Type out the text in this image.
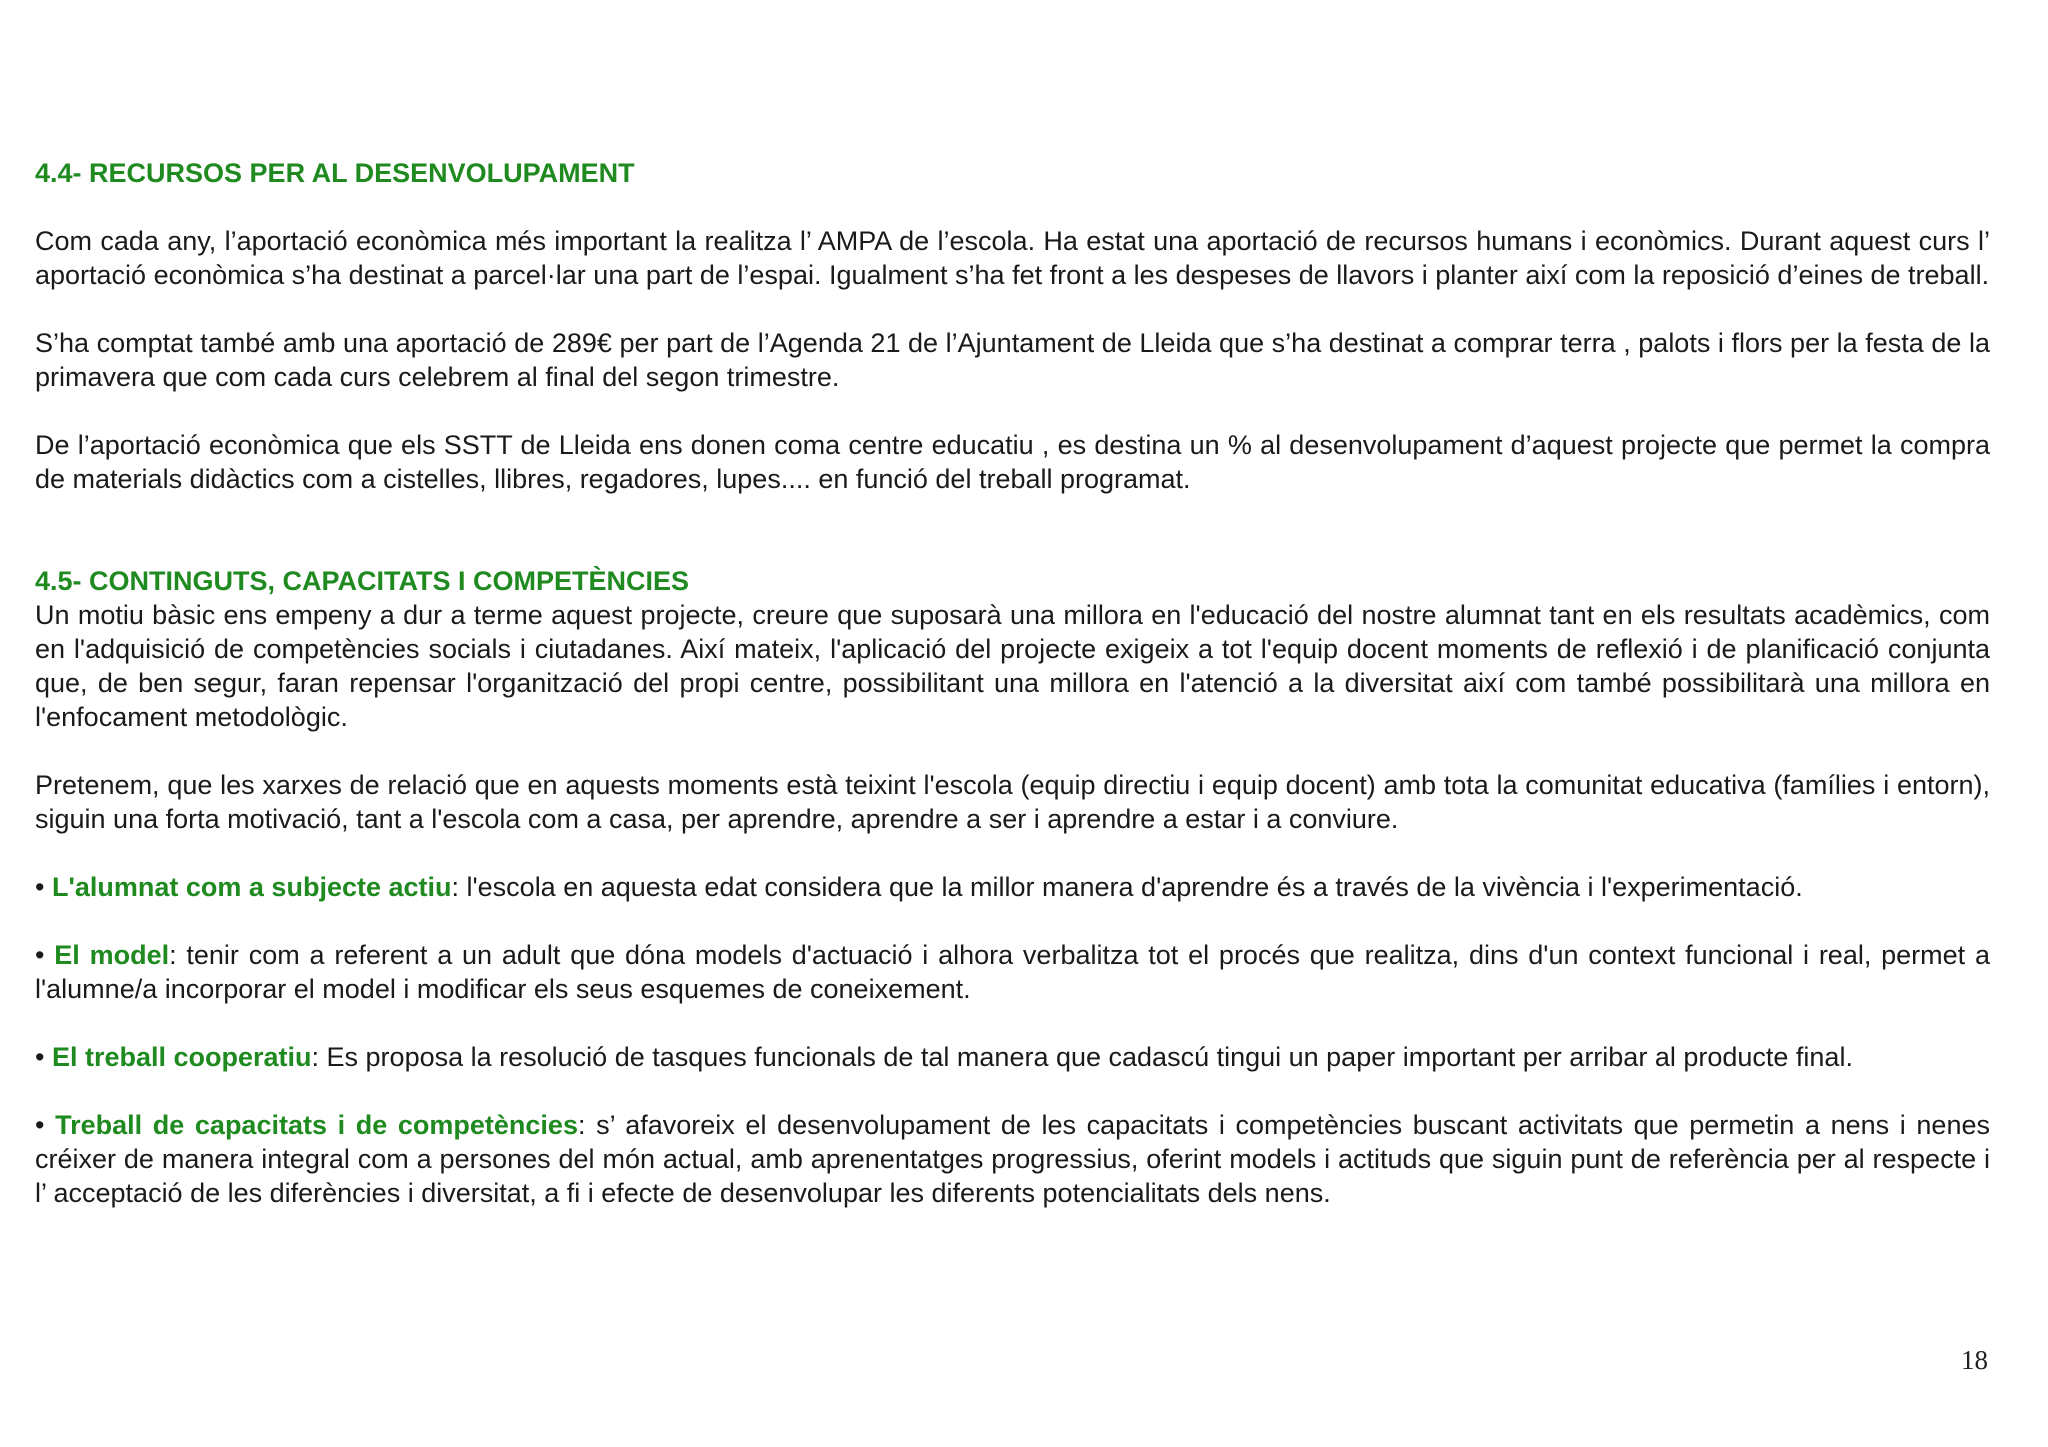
4.4- RECURSOS PER AL DESENVOLUPAMENT

Com cada any, l’aportació econòmica més important la realitza l’ AMPA de l’escola. Ha estat una aportació de recursos humans i econòmics. Durant aquest curs l’ aportació econòmica s’ha destinat a parcel·lar una part de l’espai. Igualment s’ha fet front a les despeses de llavors i planter així com la reposició d’eines de treball.

S’ha comptat també amb una aportació de 289€ per part de l’Agenda 21 de l’Ajuntament de Lleida que s’ha destinat a comprar terra , palots i flors per la festa de la primavera que com cada curs celebrem al final del segon trimestre.

De l’aportació econòmica que els SSTT de Lleida ens donen coma centre educatiu , es destina un % al desenvolupament d’aquest projecte que permet la compra de materials didàctics com a cistelles, llibres, regadores, lupes.... en funció del treball programat.

4.5- CONTINGUTS, CAPACITATS I COMPETÈNCIES

Un motiu bàsic ens empeny a dur a terme aquest projecte, creure que suposarà una millora en l'educació del nostre alumnat tant en els resultats acadèmics, com en l'adquisició de competències socials i ciutadanes. Així mateix, l'aplicació del projecte exigeix a tot l'equip docent moments de reflexió i de planificació conjunta que, de ben segur, faran repensar l'organització del propi centre, possibilitant una millora en l'atenció a la diversitat així com també possibilitarà una millora en l'enfocament metodològic.

Pretenem, que les xarxes de relació que en aquests moments està teixint l'escola (equip directiu i equip docent) amb tota la comunitat educativa (famílies i entorn), siguin una forta motivació, tant a l'escola com a casa, per aprendre, aprendre a ser i aprendre a estar i a conviure.

• L'alumnat com a subjecte actiu: l'escola en aquesta edat considera que la millor manera d'aprendre és a través de la vivència i l'experimentació.

• El model: tenir com a referent a un adult que dóna models d'actuació i alhora verbalitza tot el procés que realitza, dins d'un context funcional i real, permet a l'alumne/a incorporar el model i modificar els seus esquemes de coneixement.

• El treball cooperatiu: Es proposa la resolució de tasques funcionals de tal manera que cadascú tingui un paper important per arribar al producte final.

• Treball de capacitats i de competències: s’ afavoreix el desenvolupament de les capacitats i competències buscant activitats que permetin a nens i nenes créixer de manera integral com a persones del món actual, amb aprenentatges progressius, oferint models i actituds que siguin punt de referència per al respecte i l’ acceptació de les diferències i diversitat, a fi i efecte de desenvolupar les diferents potencialitats dels nens.

18
